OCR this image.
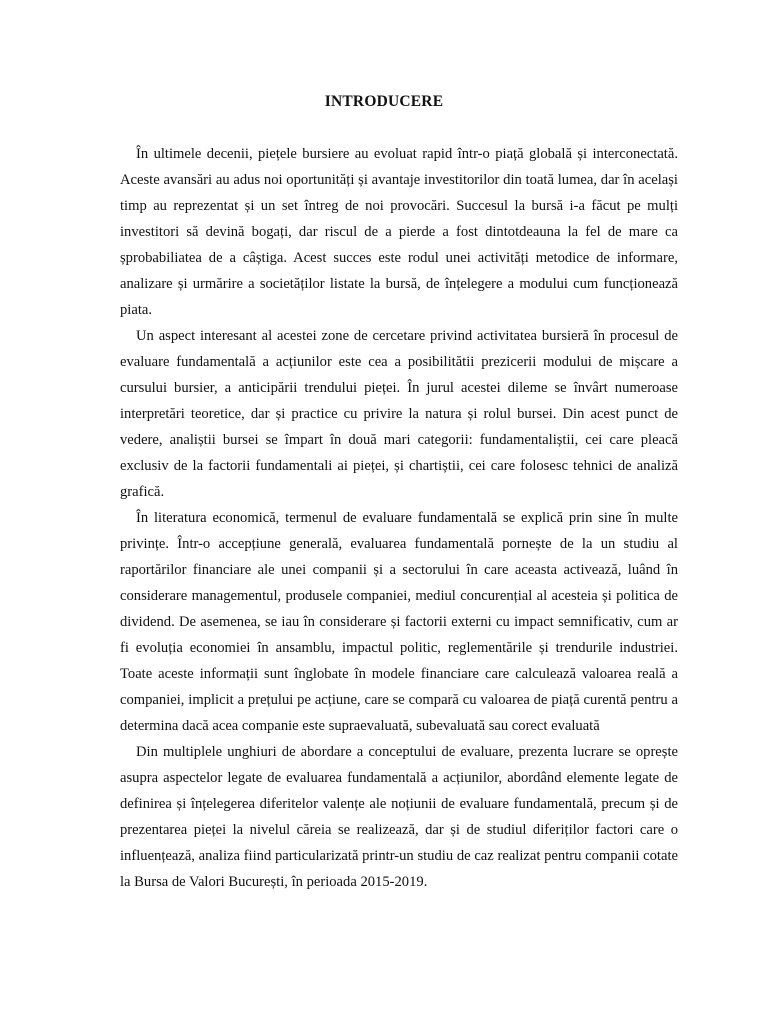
INTRODUCERE

În ultimele decenii, piețele bursiere au evoluat rapid într-o piață globală și interconectată. Aceste avansări au adus noi oportunități și avantaje investitorilor din toată lumea, dar în același timp au reprezentat și un set întreg de noi provocări. Succesul la bursă i-a făcut pe mulți investitori să devină bogați, dar riscul de a pierde a fost dintotdeauna la fel de mare ca șprobabiliatea de a câștiga. Acest succes este rodul unei activități metodice de informare, analizare și urmărire a societăților listate la bursă, de înțelegere a modului cum funcționează piata.

Un aspect interesant al acestei zone de cercetare privind activitatea bursieră în procesul de evaluare fundamentală a acțiunilor este cea a posibilitătii prezicerii modului de mișcare a cursului bursier, a anticipării trendului pieței. În jurul acestei dileme se învârt numeroase interpretări teoretice, dar și practice cu privire la natura și rolul bursei. Din acest punct de vedere, analiștii bursei se împart în două mari categorii: fundamentaliștii, cei care pleacă exclusiv de la factorii fundamentali ai pieței, și chartiștii, cei care folosesc tehnici de analiză grafică.

În literatura economică, termenul de evaluare fundamentală se explică prin sine în multe privințe. Într-o accepțiune generală, evaluarea fundamentală pornește de la un studiu al raportărilor financiare ale unei companii și a sectorului în care aceasta activează, luând în considerare managementul, produsele companiei, mediul concurențial al acesteia și politica de dividend. De asemenea, se iau în considerare și factorii externi cu impact semnificativ, cum ar fi evoluția economiei în ansamblu, impactul politic, reglementările și trendurile industriei. Toate aceste informații sunt înglobate în modele financiare care calculează valoarea reală a companiei, implicit a prețului pe acțiune, care se compară cu valoarea de piață curentă pentru a determina dacă acea companie este supraevaluată, subevaluată sau corect evaluată

Din multiplele unghiuri de abordare a conceptului de evaluare, prezenta lucrare se oprește asupra aspectelor legate de evaluarea fundamentală a acțiunilor, abordând elemente legate de definirea și înțelegerea diferitelor valențe ale noțiunii de evaluare fundamentală, precum și de prezentarea pieței la nivelul căreia se realizează, dar și de studiul diferiților factori care o influențează, analiza fiind particularizată printr-un studiu de caz realizat pentru companii cotate la Bursa de Valori București, în perioada 2015-2019.
